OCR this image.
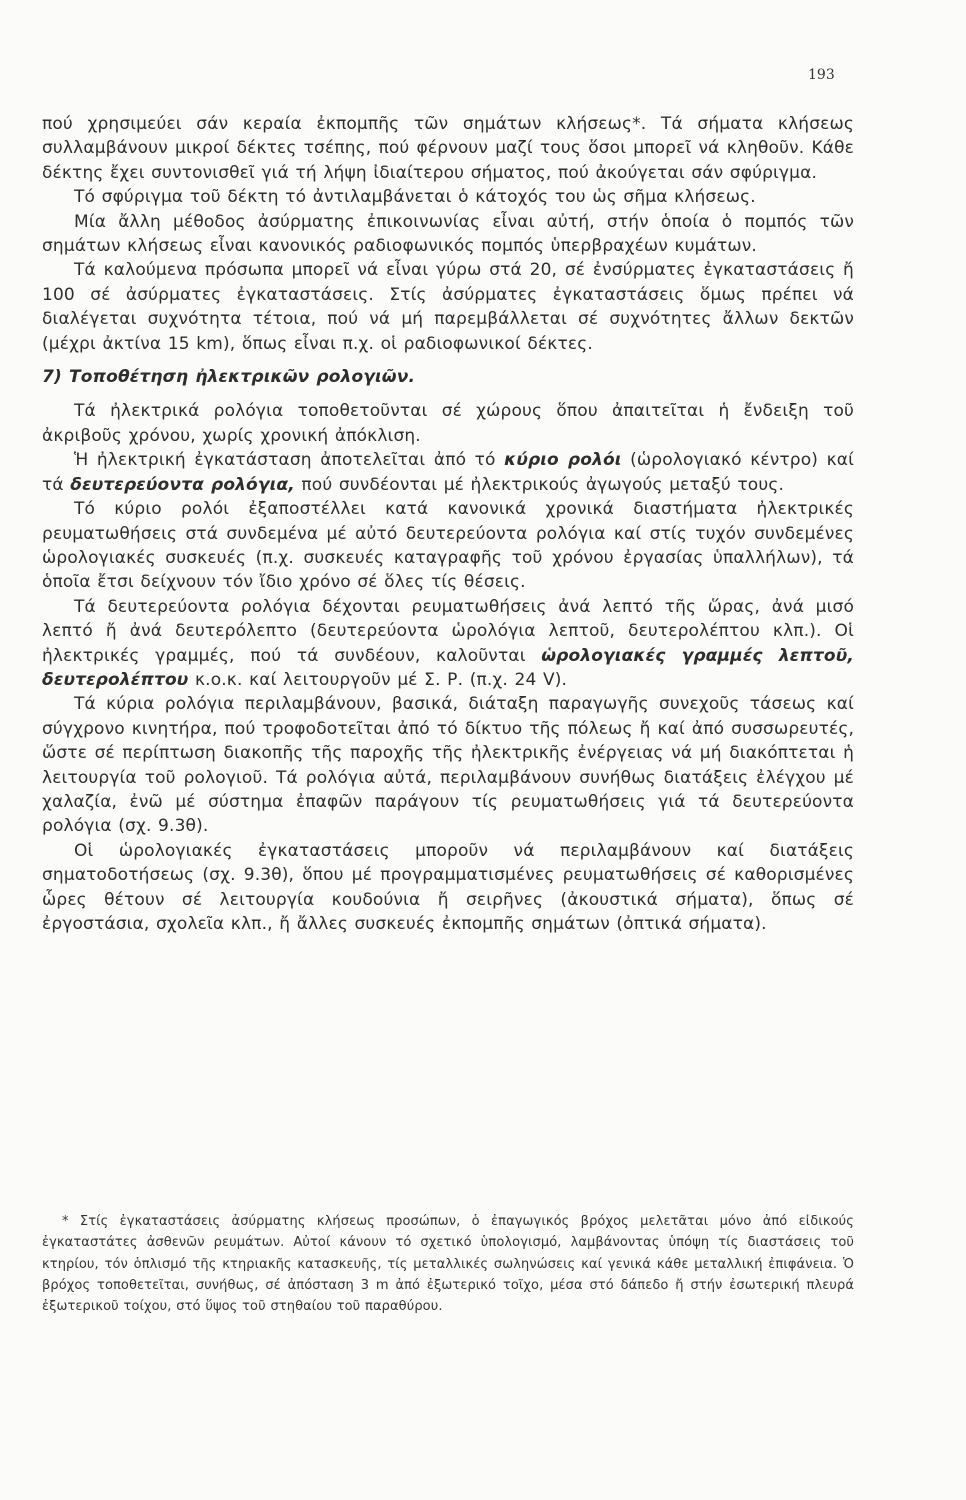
193

πού χρησιμεύει σάν κεραία ἐκπομπῆς τῶν σημάτων κλήσεως*. Τά σήματα κλήσεως συλλαμβάνουν μικροί δέκτες τσέπης, πού φέρνουν μαζί τους ὅσοι μπορεῖ νά κληθοῦν. Κάθε δέκτης ἔχει συντονισθεῖ γιά τή λήψη ἰδιαίτερου σήματος, πού ἀκούγεται σάν σφύριγμα.

Τό σφύριγμα τοῦ δέκτη τό ἀντιλαμβάνεται ὁ κάτοχός του ὡς σῆμα κλήσεως.

Μία ἄλλη μέθοδος ἀσύρματης ἐπικοινωνίας εἶναι αὐτή, στήν ὁποία ὁ πομπός τῶν σημάτων κλήσεως εἶναι κανονικός ραδιοφωνικός πομπός ὑπερβραχέων κυμάτων.

Τά καλούμενα πρόσωπα μπορεῖ νά εἶναι γύρω στά 20, σέ ἐνσύρματες ἐγκαταστάσεις ἤ 100 σέ ἀσύρματες ἐγκαταστάσεις. Στίς ἀσύρματες ἐγκαταστάσεις ὅμως πρέπει νά διαλέγεται συχνότητα τέτοια, πού νά μή παρεμβάλλεται σέ συχνότητες ἄλλων δεκτῶν (μέχρι ἀκτίνα 15 km), ὅπως εἶναι π.χ. οἱ ραδιοφωνικοί δέκτες.

7) Τοποθέτηση ἠλεκτρικῶν ρολογιῶν.

Τά ἠλεκτρικά ρολόγια τοποθετοῦνται σέ χώρους ὅπου ἀπαιτεῖται ἡ ἔνδειξη τοῦ ἀκριβοῦς χρόνου, χωρίς χρονική ἀπόκλιση.

Ἡ ἠλεκτρική ἐγκατάσταση ἀποτελεῖται ἀπό τό κύριο ρολόι (ὡρολογιακό κέντρο) καί τά δευτερεύοντα ρολόγια, πού συνδέονται μέ ἠλεκτρικούς ἀγωγούς μεταξύ τους.

Τό κύριο ρολόι ἐξαποστέλλει κατά κανονικά χρονικά διαστήματα ἠλεκτρικές ρευματωθήσεις στά συνδεμένα μέ αὐτό δευτερεύοντα ρολόγια καί στίς τυχόν συνδεμένες ὡρολογιακές συσκευές (π.χ. συσκευές καταγραφῆς τοῦ χρόνου ἐργασίας ὑπαλλήλων), τά ὁποῖα ἔτσι δείχνουν τόν ἴδιο χρόνο σέ ὅλες τίς θέσεις.

Τά δευτερεύοντα ρολόγια δέχονται ρευματωθήσεις ἀνά λεπτό τῆς ὥρας, ἀνά μισό λεπτό ἤ ἀνά δευτερόλεπτο (δευτερεύοντα ὡρολόγια λεπτοῦ, δευτερολέπτου κλπ.). Οἱ ἠλεκτρικές γραμμές, πού τά συνδέουν, καλοῦνται ὡρολογιακές γραμμές λεπτοῦ, δευτερολέπτου κ.ο.κ. καί λειτουργοῦν μέ Σ. Ρ. (π.χ. 24 V).

Τά κύρια ρολόγια περιλαμβάνουν, βασικά, διάταξη παραγωγῆς συνεχοῦς τάσεως καί σύγχρονο κινητήρα, πού τροφοδοτεῖται ἀπό τό δίκτυο τῆς πόλεως ἤ καί ἀπό συσσωρευτές, ὥστε σέ περίπτωση διακοπῆς τῆς παροχῆς τῆς ἠλεκτρικῆς ἐνέργειας νά μή διακόπτεται ἡ λειτουργία τοῦ ρολογιοῦ. Τά ρολόγια αὐτά, περιλαμβάνουν συνήθως διατάξεις ἐλέγχου μέ χαλαζία, ἐνῶ μέ σύστημα ἐπαφῶν παράγουν τίς ρευματωθήσεις γιά τά δευτερεύοντα ρολόγια (σχ. 9.3θ).

Οἱ ὡρολογιακές ἐγκαταστάσεις μποροῦν νά περιλαμβάνουν καί διατάξεις σηματοδοτήσεως (σχ. 9.3θ), ὅπου μέ προγραμματισμένες ρευματωθήσεις σέ καθορισμένες ὧρες θέτουν σέ λειτουργία κουδούνια ἤ σειρῆνες (ἀκουστικά σήματα), ὅπως σέ ἐργοστάσια, σχολεῖα κλπ., ἤ ἄλλες συσκευές ἐκπομπῆς σημάτων (ὀπτικά σήματα).

* Στίς ἐγκαταστάσεις ἀσύρματης κλήσεως προσώπων, ὁ ἐπαγωγικός βρόχος μελετᾶται μόνο ἀπό εἰδικούς ἐγκαταστάτες ἀσθενῶν ρευμάτων. Αὐτοί κάνουν τό σχετικό ὑπολογισμό, λαμβάνοντας ὑπόψη τίς διαστάσεις τοῦ κτηρίου, τόν ὁπλισμό τῆς κτηριακῆς κατασκευῆς, τίς μεταλλικές σωληνώσεις καί γενικά κάθε μεταλλική ἐπιφάνεια. Ὁ βρόχος τοποθετεῖται, συνήθως, σέ ἀπόσταση 3 m ἀπό ἐξωτερικό τοῖχο, μέσα στό δάπεδο ἤ στήν ἐσωτερική πλευρά ἐξωτερικοῦ τοίχου, στό ὕψος τοῦ στηθαίου τοῦ παραθύρου.
